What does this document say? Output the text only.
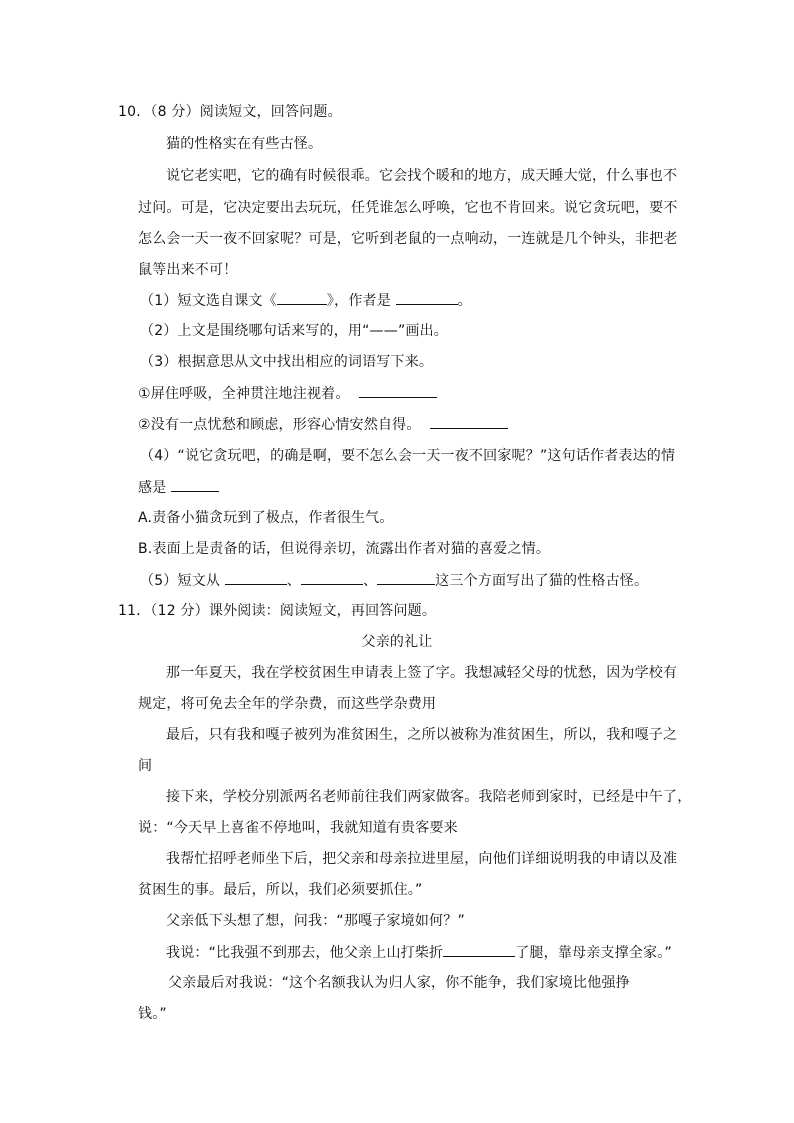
10．（8 分）阅读短文，回答问题。
猫的性格实在有些古怪。
说它老实吧，它的确有时候很乖。它会找个暖和的地方，成天睡大觉，什么事也不
过问。可是，它决定要出去玩玩，任凭谁怎么呼唤，它也不肯回来。说它贪玩吧，要不
怎么会一天一夜不回家呢？可是，它听到老鼠的一点响动，一连就是几个钟头，非把老
鼠等出来不可！
（1）短文选自课文《	》，作者是	。
（2）上文是围绕哪句话来写的，用“——”画出。
（3）根据意思从文中找出相应的词语写下来。
①屏住呼吸，全神贯注地注视着。
②没有一点忧愁和顾虑，形容心情安然自得。
（4）“说它贪玩吧，的确是啊，要不怎么会一天一夜不回家呢？”这句话作者表达的情
感是
A.责备小猫贪玩到了极点，作者很生气。
B.表面上是责备的话，但说得亲切，流露出作者对猫的喜爱之情。
（5）短文从	、	、	这三个方面写出了猫的性格古怪。
11．（12 分）课外阅读：阅读短文，再回答问题。
父亲的礼让
那一年夏天，我在学校贫困生申请表上签了字。我想减轻父母的忧愁，因为学校有
规定，将可免去全年的学杂费，而这些学杂费用
最后，只有我和嘎子被列为准贫困生，之所以被称为准贫困生，所以，我和嘎子之
间
接下来，学校分别派两名老师前往我们两家做客。我陪老师到家时，已经是中午了，
说：“今天早上喜雀不停地叫，我就知道有贵客要来
我帮忙招呼老师坐下后，把父亲和母亲拉进里屋，向他们详细说明我的申请以及准
贫困生的事。最后，所以，我们必须要抓住。”
父亲低下头想了想，问我：“那嘎子家境如何？”
我说：“比我强不到那去，他父亲上山打柴折	了腿，靠母亲支撑全家。”
父亲最后对我说：“这个名额我认为归人家，你不能争，我们家境比他强挣
钱。”
